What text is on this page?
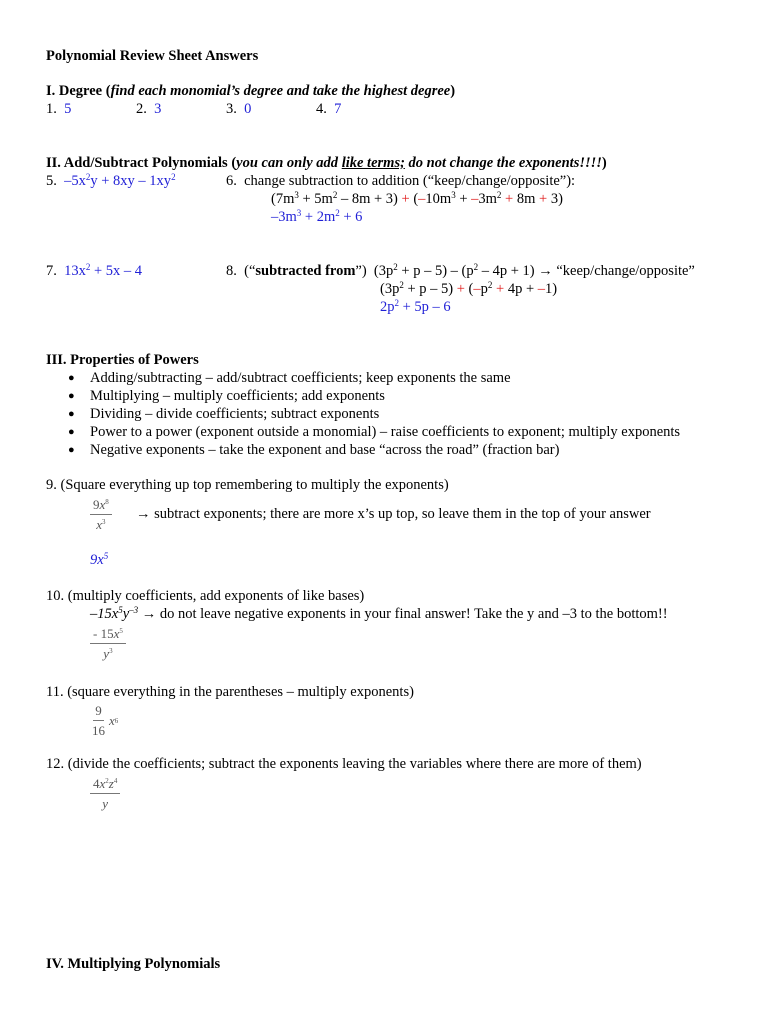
Polynomial Review Sheet Answers
I. Degree (find each monomial’s degree and take the highest degree)
1. 5	2. 3	3. 0	4. 7
II. Add/Subtract Polynomials (you can only add like terms; do not change the exponents!!!!)
5. $-5x^2y + 8xy - 1xy^2$	6. change subtraction to addition (“keep/change/opposite”):
$(7m^3 + 5m^2 - 8m + 3) + (-10m^3 + -3m^2 + 8m + 3)$
$-3m^3 + 2m^2 + 6$
7. $13x^2 + 5x - 4$	8. (“subtracted from”)  $(3p^2 + p - 5) - (p^2 - 4p + 1)$ → “keep/change/opposite”
$(3p^2 + p - 5) + (-p^2 + 4p + -1)$
$2p^2 + 5p - 6$
III. Properties of Powers
● Adding/subtracting – add/subtract coefficients; keep exponents the same
● Multiplying – multiply coefficients; add exponents
● Dividing – divide coefficients; subtract exponents
● Power to a power (exponent outside a monomial) – raise coefficients to exponent; multiply exponents
● Negative exponents – take the exponent and base “across the road” (fraction bar)
9. (Square everything up top remembering to multiply the exponents)
$\frac{9x^8}{x^3}$ → subtract exponents; there are more x’s up top, so leave them in the top of your answer
$9x^5$
10. (multiply coefficients, add exponents of like bases)
$-15x^5y^{-3}$ → do not leave negative exponents in your final answer! Take the y and –3 to the bottom!!
$\frac{- 15x^5}{y^3}$
11. (square everything in the parentheses – multiply exponents)
9
16
x 6
12. (divide the coefficients; subtract the exponents leaving the variables where there are more of them)
$\frac{4x^2z^4}{y}$
IV. Multiplying Polynomials
